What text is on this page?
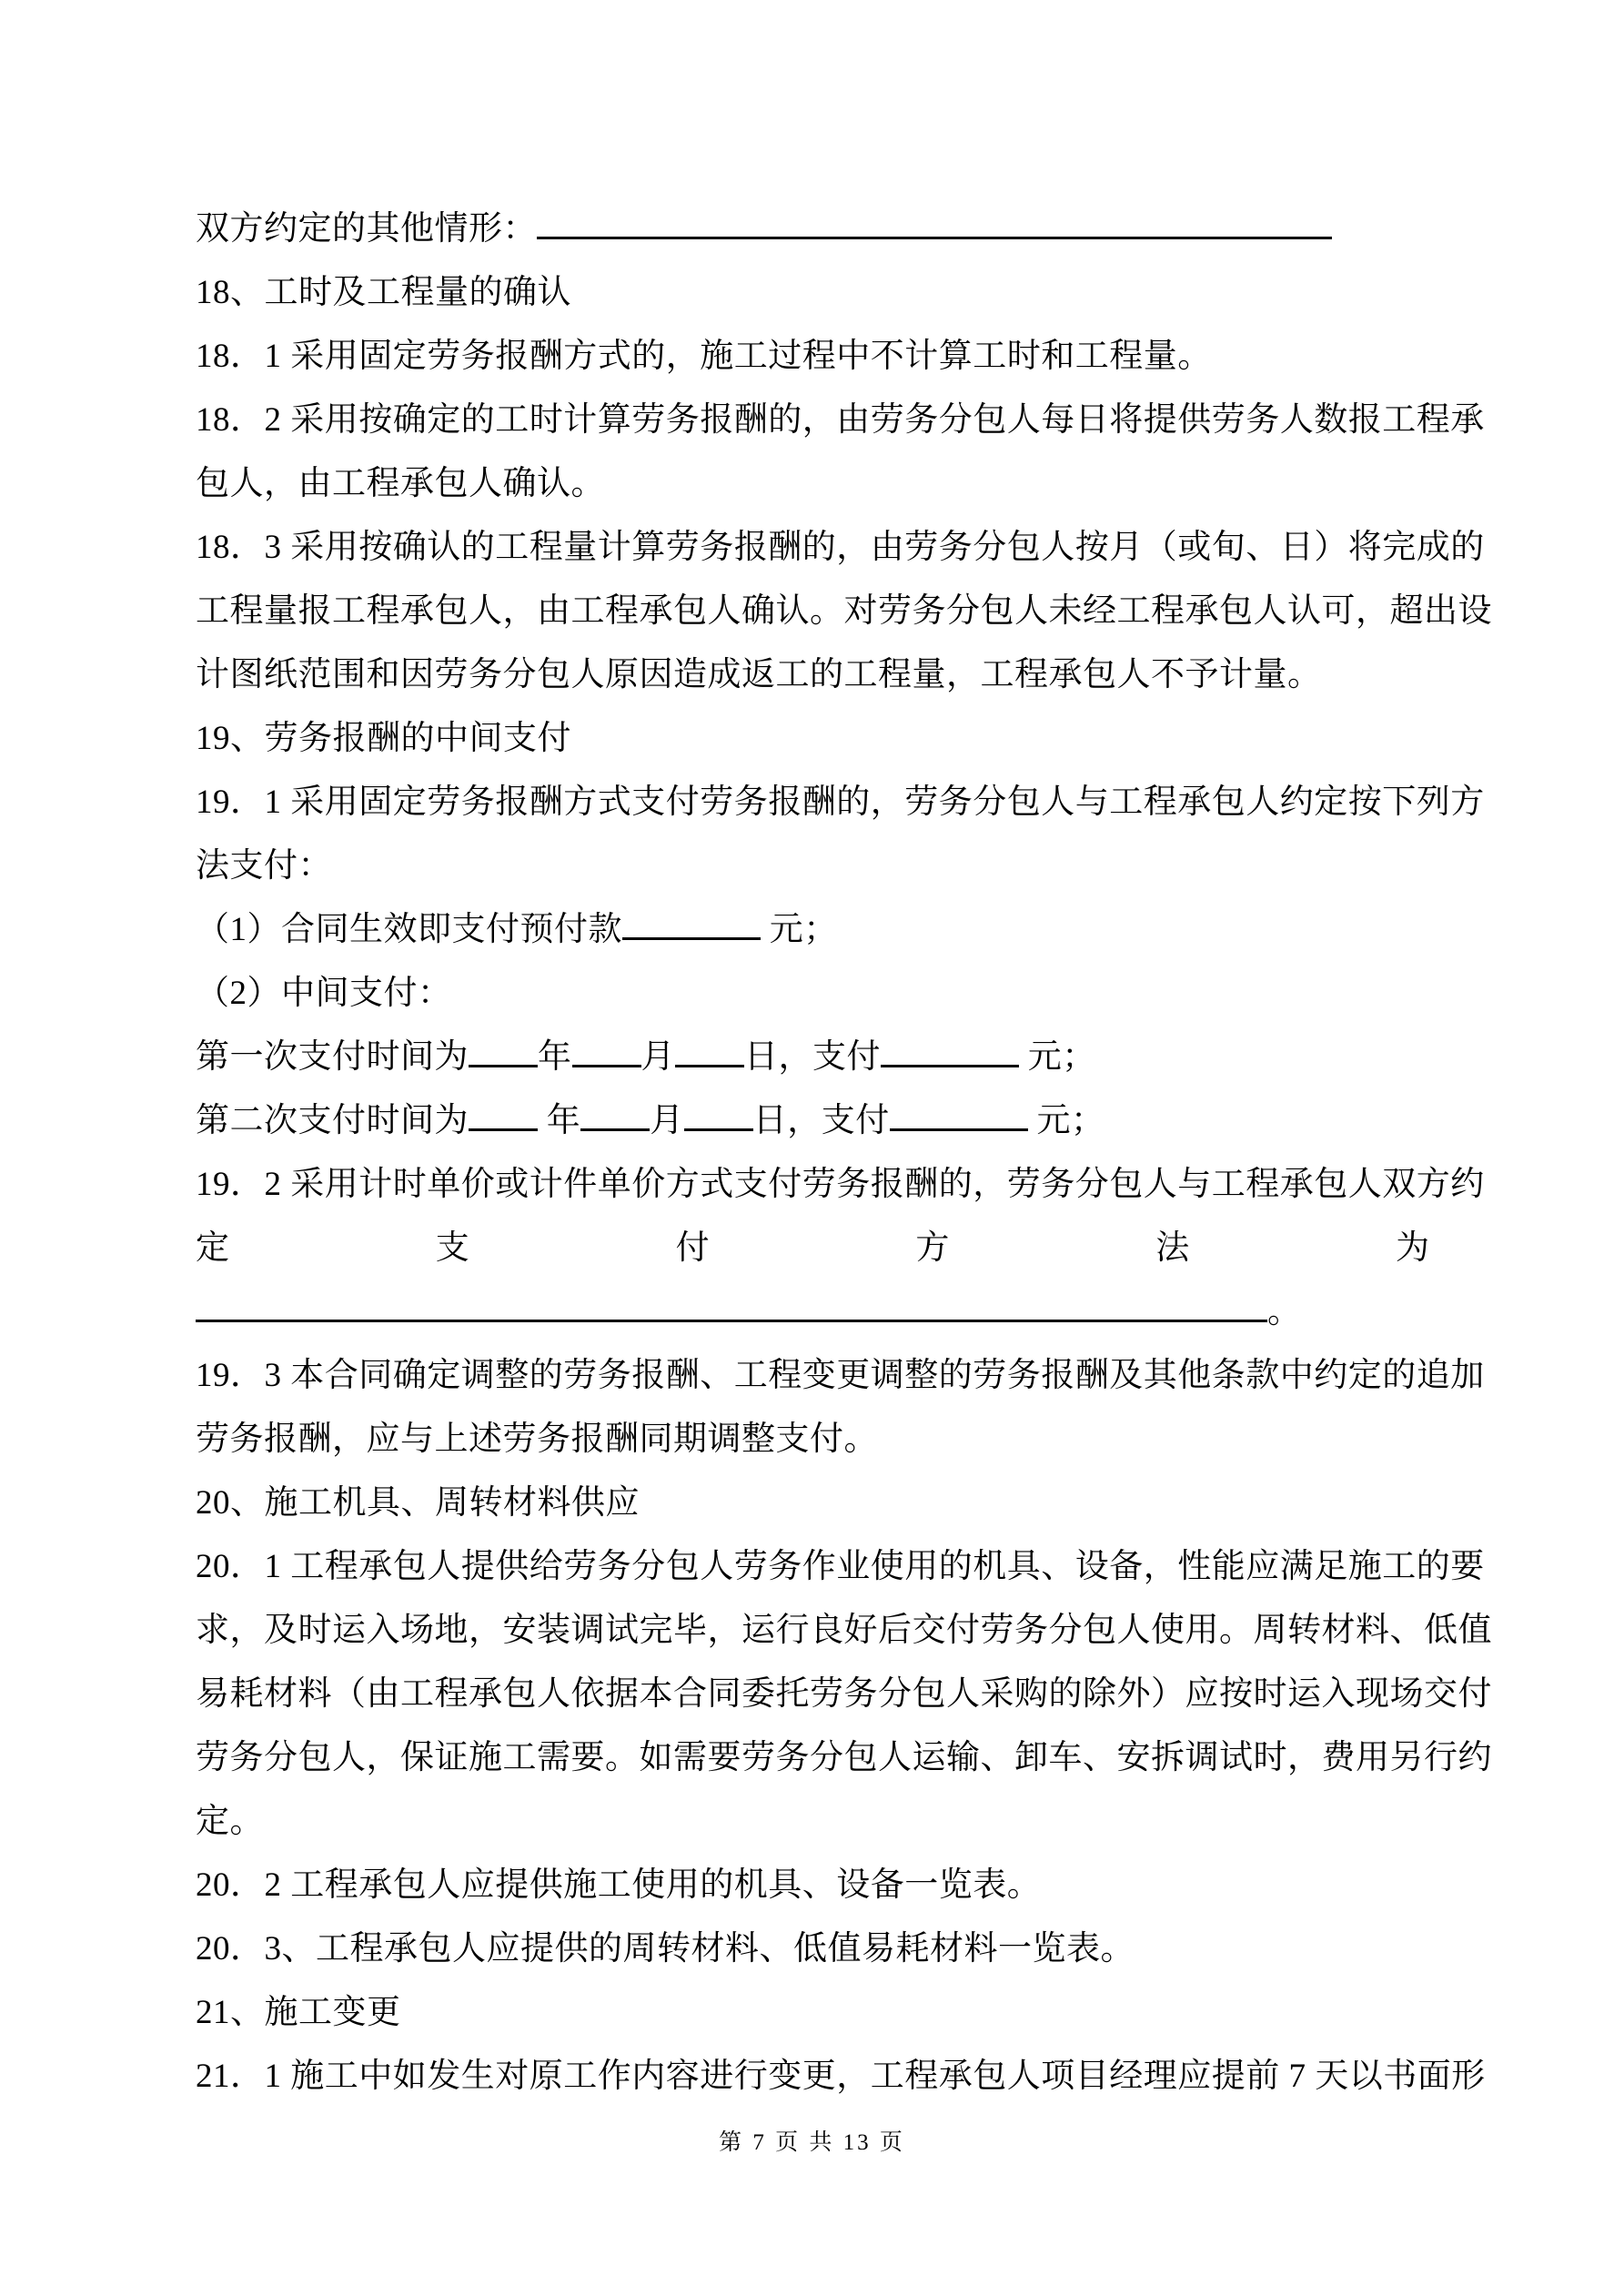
双方约定的其他情形：
18、工时及工程量的确认
18．1 采用固定劳务报酬方式的，施工过程中不计算工时和工程量。
18．2 采用按确定的工时计算劳务报酬的，由劳务分包人每日将提供劳务人数报工程承
包人，由工程承包人确认。
18．3 采用按确认的工程量计算劳务报酬的，由劳务分包人按月（或旬、日）将完成的
工程量报工程承包人，由工程承包人确认。对劳务分包人未经工程承包人认可，超出设
计图纸范围和因劳务分包人原因造成返工的工程量，工程承包人不予计量。
19、劳务报酬的中间支付
19．1 采用固定劳务报酬方式支付劳务报酬的，劳务分包人与工程承包人约定按下列方
法支付：
（1）合同生效即支付预付款	元；
（2）中间支付：
第一次支付时间为 年 月 日，支付	元；
第二次支付时间为 年 月 日，支付	元；
19．2 采用计时单价或计件单价方式支付劳务报酬的，劳务分包人与工程承包人双方约
定	支	付	方	法	为
。
19．3 本合同确定调整的劳务报酬、工程变更调整的劳务报酬及其他条款中约定的追加
劳务报酬，应与上述劳务报酬同期调整支付。
20、施工机具、周转材料供应
20．1 工程承包人提供给劳务分包人劳务作业使用的机具、设备，性能应满足施工的要
求，及时运入场地，安装调试完毕，运行良好后交付劳务分包人使用。周转材料、低值
易耗材料（由工程承包人依据本合同委托劳务分包人采购的除外）应按时运入现场交付
劳务分包人，保证施工需要。如需要劳务分包人运输、卸车、安拆调试时，费用另行约
定。
20．2 工程承包人应提供施工使用的机具、设备一览表。
20．3、工程承包人应提供的周转材料、低值易耗材料一览表。
21、施工变更
21．1 施工中如发生对原工作内容进行变更，工程承包人项目经理应提前 7 天以书面形
第 7 页 共 13 页
